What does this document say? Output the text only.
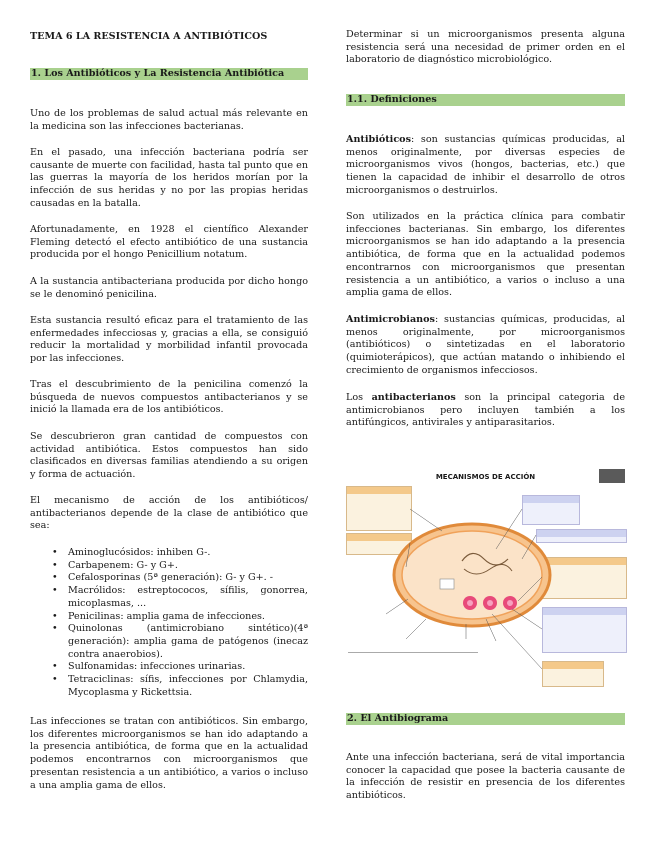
TEMA 6 LA RESISTENCIA A ANTIBIÓTICOS
1. Los Antibióticos y La Resistencia Antibiótica

Uno de los problemas de salud actual más relevante en la medicina son las infecciones bacterianas.

En el pasado, una infección bacteriana podría ser causante de muerte con facilidad, hasta tal punto que en las guerras la mayoría de los heridos morían por la infección de sus heridas y no por las propias heridas causadas en la batalla.

Afortunadamente, en 1928 el científico Alexander Fleming detectó el efecto antibiótico de una sustancia producida por el hongo Penicillium notatum.

A la sustancia antibacteriana producida por dicho hongo se le denominó penicilina.

Esta sustancia resultó eficaz para el tratamiento de las enfermedades infecciosas y, gracias a ella, se consiguió reducir la mortalidad y morbilidad infantil provocada por las infecciones.

Tras el descubrimiento de la penicilina comenzó la búsqueda de nuevos compuestos antibacterianos y se inició la llamada era de los antibióticos.

Se descubrieron gran cantidad de compuestos con actividad antibiótica. Estos compuestos han sido clasificados en diversas familias atendiendo a su origen y forma de actuación.

El mecanismo de acción de los antibióticos/ antibacterianos depende de la clase de antibiótico que sea:

• Aminoglucósidos: inhiben G-.
• Carbapenem: G- y G+.
• Cefalosporinas (5ª generación): G- y G+. -
• Macrólidos: estreptococos, sífilis, gonorrea, micoplasmas, ...
• Penicilinas: amplia gama de infecciones.
• Quinolonas (antimicrobiano sintético)(4ª generación): amplia gama de patógenos (inecaz contra anaerobios).
• Sulfonamidas: infecciones urinarias.
• Tetraciclinas: sífis, infecciones por Chlamydia, Mycoplasma y Rickettsia.

Las infecciones se tratan con antibióticos. Sin embargo, los diferentes microorganismos se han ido adaptando a la presencia antibiótica, de forma que en la actualidad podemos encontrarnos con microorganismos que presentan resistencia a un antibiótico, a varios o incluso a una amplia gama de ellos.

Determinar si un microorganismos presenta alguna resistencia será una necesidad de primer orden en el laboratorio de diagnóstico microbiológico.

1.1. Definiciones

Antibióticos: son sustancias químicas producidas, al menos originalmente, por diversas especies de microorganismos vivos (hongos, bacterias, etc.) que tienen la capacidad de inhibir el desarrollo de otros microorganismos o destruirlos.

Son utilizados en la práctica clínica para combatir infecciones bacterianas. Sin embargo, los diferentes microorganismos se han ido adaptando a la presencia antibiótica, de forma que en la actualidad podemos encontrarnos con microorganismos que presentan resistencia a un antibiótico, a varios o incluso a una amplia gama de ellos.

Antimicrobianos: sustancias químicas, producidas, al menos originalmente, por microorganismos (antibióticos) o sintetizadas en el laboratorio (quimioterápicos), que actúan matando o inhibiendo el crecimiento de organismos infecciosos.

Los antibacterianos son la principal categoria de antimicrobianos pero incluyen también a los antifúngicos, antivirales y antiparasitarios.

2. El Antibiograma

Ante una infección bacteriana, será de vital importancia conocer la capacidad que posee la bacteria causante de la infección de resistir en presencia de los diferentes antibióticos.

MECANISMOS DE ACCIÓN
